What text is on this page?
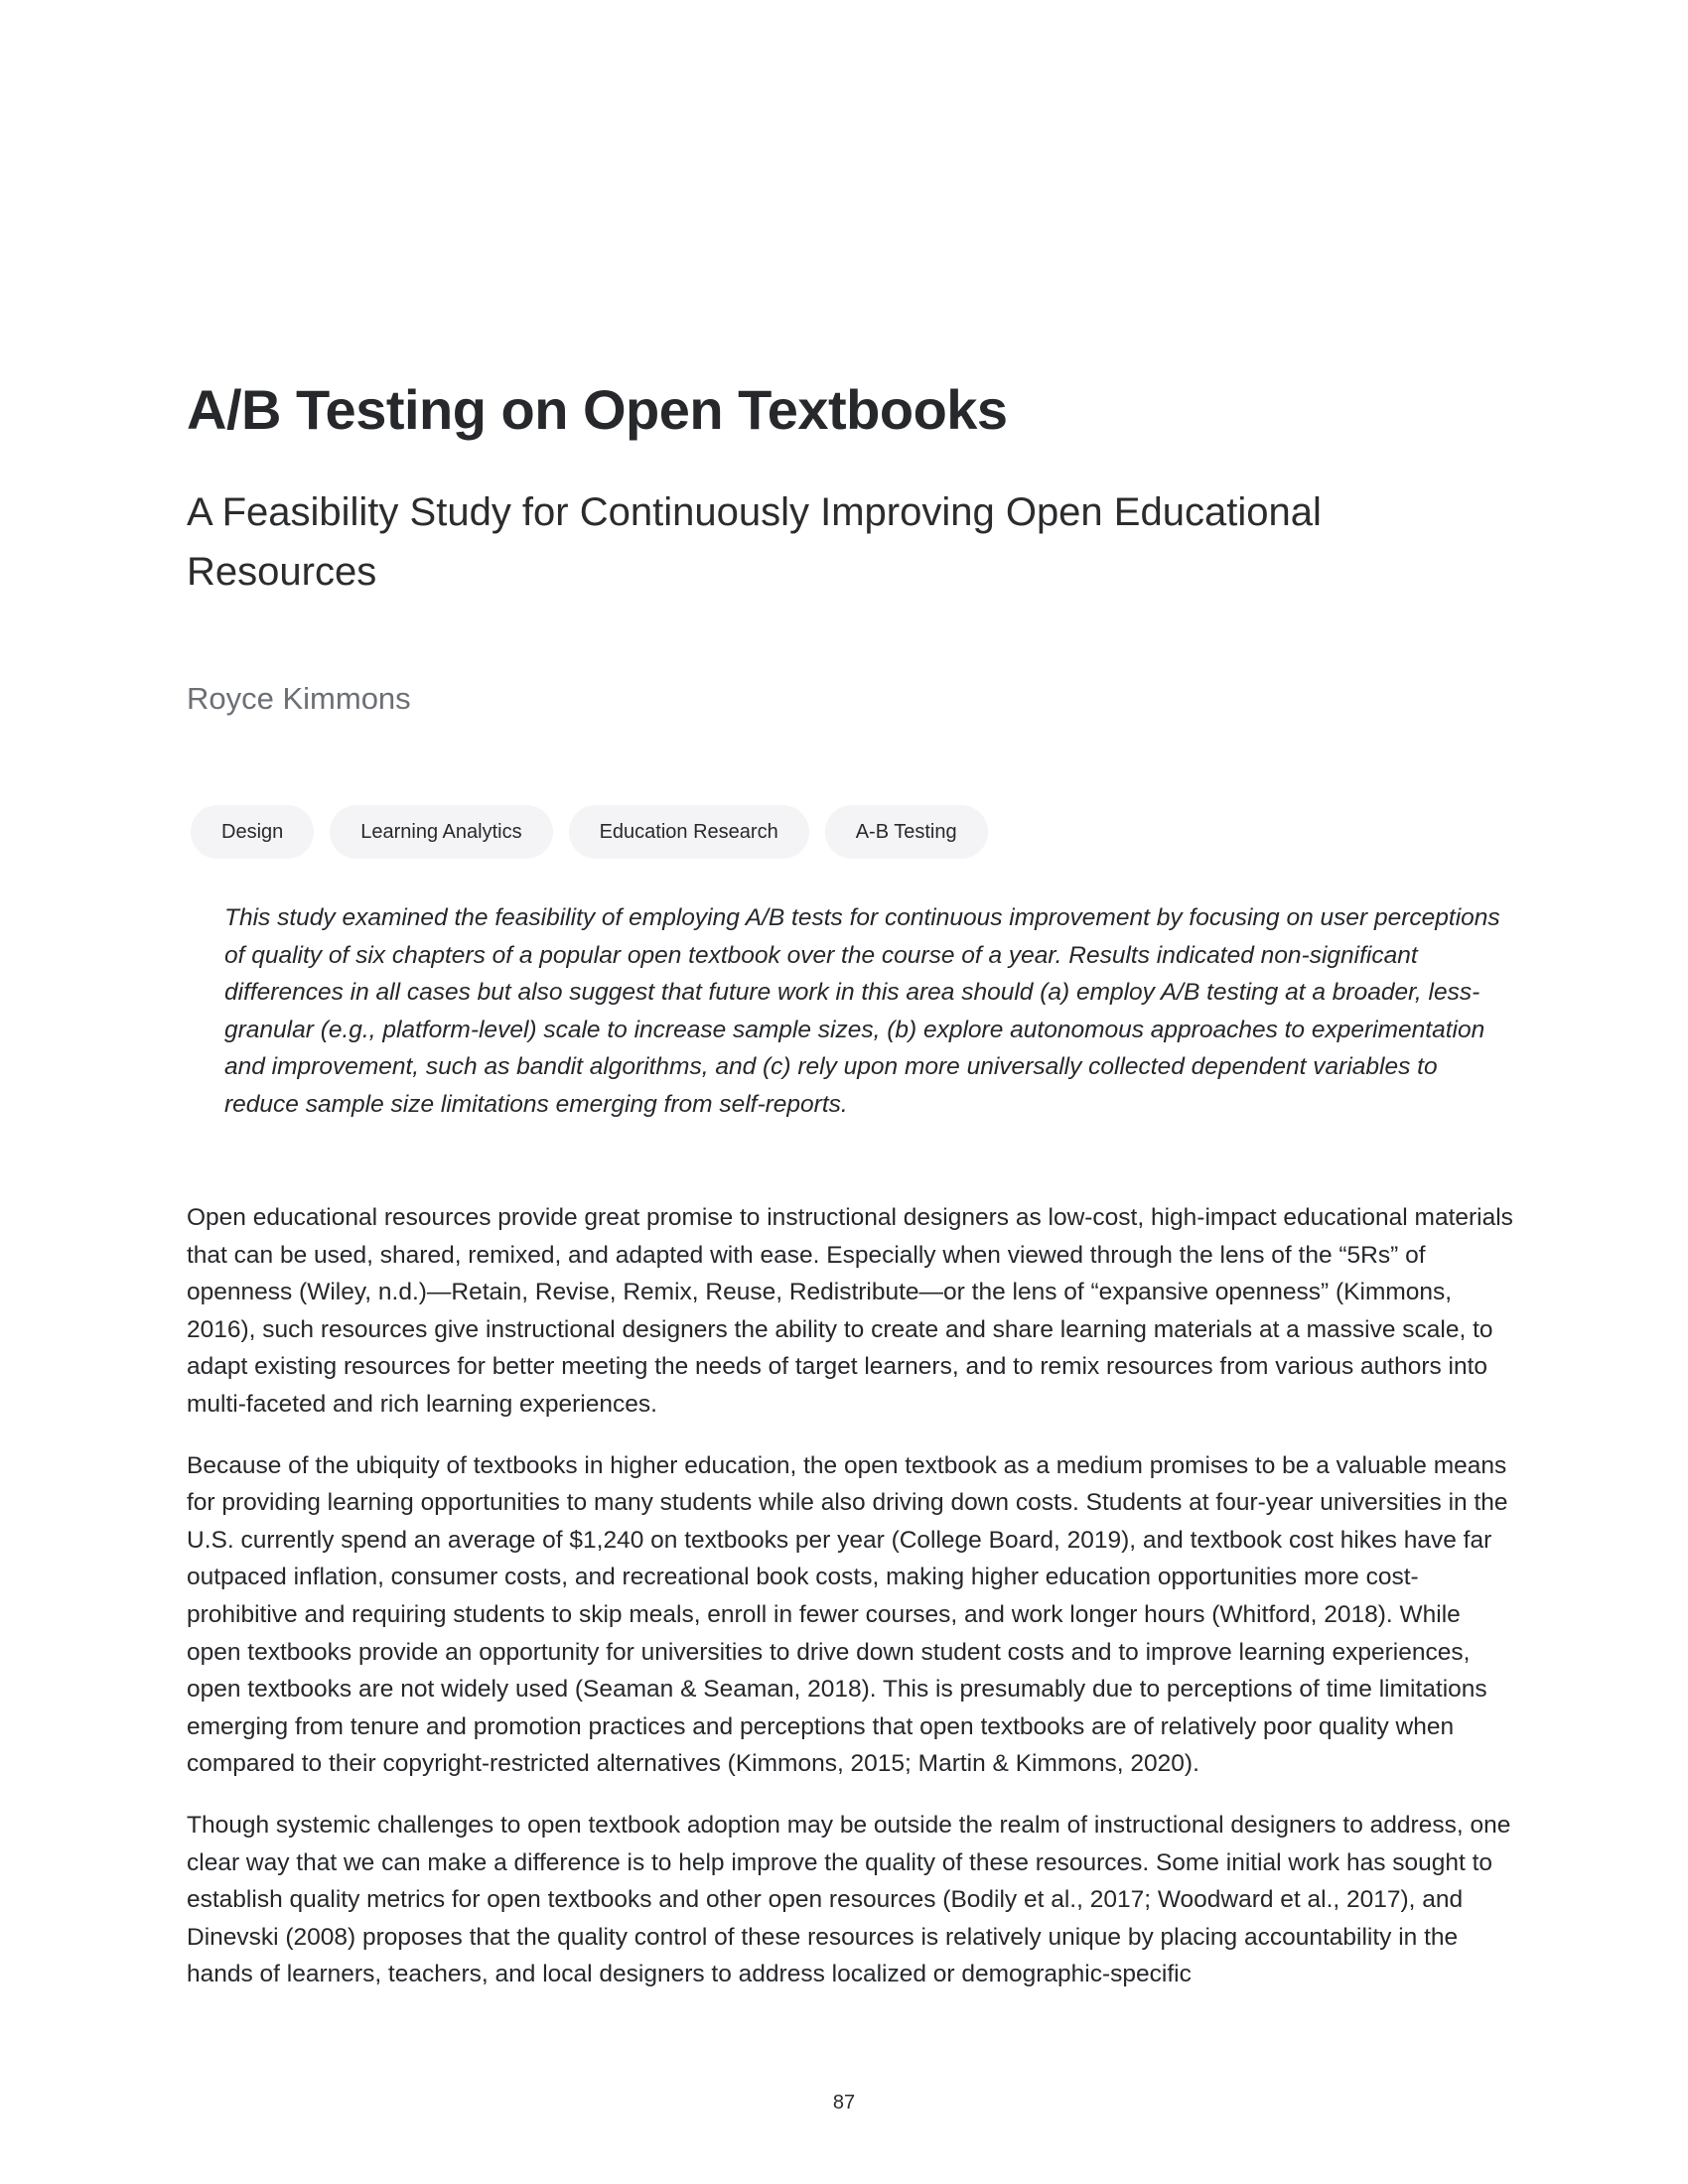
A/B Testing on Open Textbooks
A Feasibility Study for Continuously Improving Open Educational Resources
Royce Kimmons
Design	Learning Analytics	Education Research	A-B Testing

This study examined the feasibility of employing A/B tests for continuous improvement by focusing on user perceptions of quality of six chapters of a popular open textbook over the course of a year. Results indicated non-significant differences in all cases but also suggest that future work in this area should (a) employ A/B testing at a broader, less-granular (e.g., platform-level) scale to increase sample sizes, (b) explore autonomous approaches to experimentation and improvement, such as bandit algorithms, and (c) rely upon more universally collected dependent variables to reduce sample size limitations emerging from self-reports.

Open educational resources provide great promise to instructional designers as low-cost, high-impact educational materials that can be used, shared, remixed, and adapted with ease. Especially when viewed through the lens of the “5Rs” of openness (Wiley, n.d.)—Retain, Revise, Remix, Reuse, Redistribute—or the lens of “expansive openness” (Kimmons, 2016), such resources give instructional designers the ability to create and share learning materials at a massive scale, to adapt existing resources for better meeting the needs of target learners, and to remix resources from various authors into multi-faceted and rich learning experiences.

Because of the ubiquity of textbooks in higher education, the open textbook as a medium promises to be a valuable means for providing learning opportunities to many students while also driving down costs. Students at four-year universities in the U.S. currently spend an average of $1,240 on textbooks per year (College Board, 2019), and textbook cost hikes have far outpaced inflation, consumer costs, and recreational book costs, making higher education opportunities more cost-prohibitive and requiring students to skip meals, enroll in fewer courses, and work longer hours (Whitford, 2018). While open textbooks provide an opportunity for universities to drive down student costs and to improve learning experiences, open textbooks are not widely used (Seaman & Seaman, 2018). This is presumably due to perceptions of time limitations emerging from tenure and promotion practices and perceptions that open textbooks are of relatively poor quality when compared to their copyright-restricted alternatives (Kimmons, 2015; Martin & Kimmons, 2020).

Though systemic challenges to open textbook adoption may be outside the realm of instructional designers to address, one clear way that we can make a difference is to help improve the quality of these resources. Some initial work has sought to establish quality metrics for open textbooks and other open resources (Bodily et al., 2017; Woodward et al., 2017), and Dinevski (2008) proposes that the quality control of these resources is relatively unique by placing accountability in the hands of learners, teachers, and local designers to address localized or demographic-specific

87
